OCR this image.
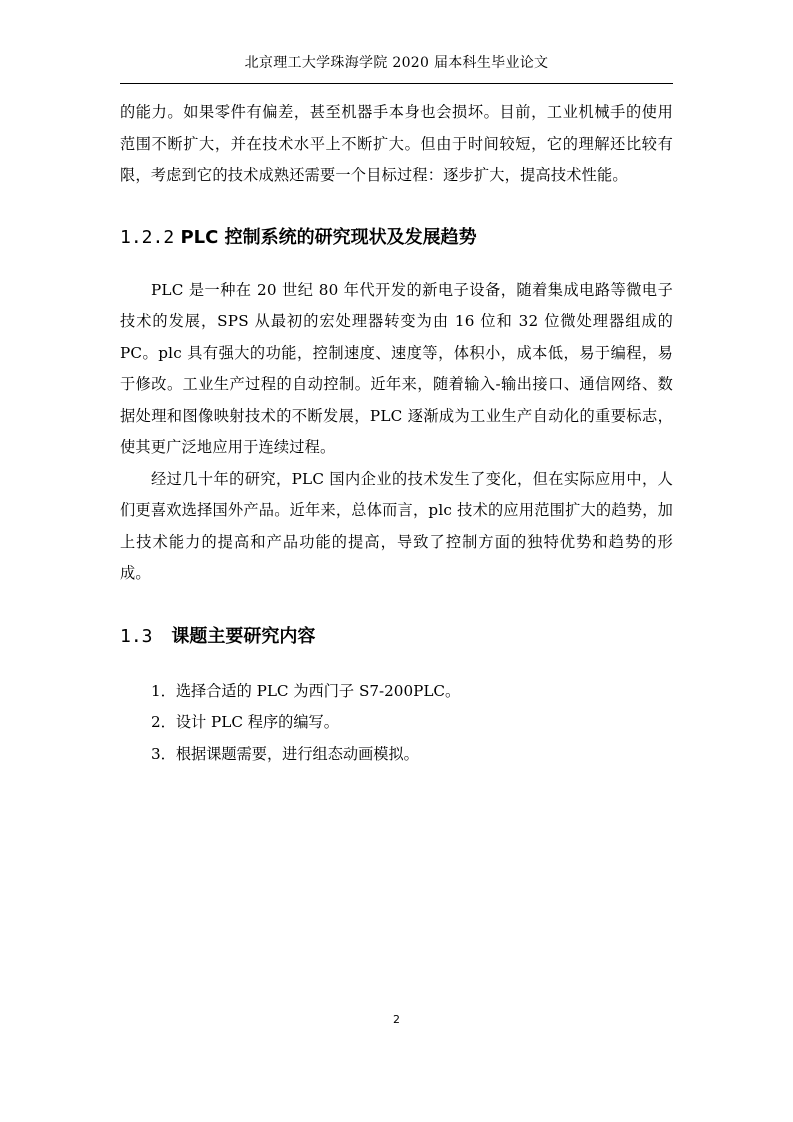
北京理工大学珠海学院 2020 届本科生毕业论文

的能力。如果零件有偏差，甚至机器手本身也会损坏。目前，工业机械手的使用范围不断扩大，并在技术水平上不断扩大。但由于时间较短，它的理解还比较有限，考虑到它的技术成熟还需要一个目标过程：逐步扩大，提高技术性能。

1.2.2 PLC 控制系统的研究现状及发展趋势

PLC 是一种在 20 世纪 80 年代开发的新电子设备，随着集成电路等微电子技术的发展，SPS 从最初的宏处理器转变为由 16 位和 32 位微处理器组成的 PC。plc 具有强大的功能，控制速度、速度等，体积小，成本低，易于编程，易于修改。工业生产过程的自动控制。近年来，随着输入-输出接口、通信网络、数据处理和图像映射技术的不断发展，PLC 逐渐成为工业生产自动化的重要标志，使其更广泛地应用于连续过程。

经过几十年的研究，PLC 国内企业的技术发生了变化，但在实际应用中，人们更喜欢选择国外产品。近年来，总体而言，plc 技术的应用范围扩大的趋势，加上技术能力的提高和产品功能的提高，导致了控制方面的独特优势和趋势的形成。

1.3 课题主要研究内容
1．选择合适的 PLC 为西门子 S7-200PLC。
2．设计 PLC 程序的编写。
3．根据课题需要，进行组态动画模拟。
2
